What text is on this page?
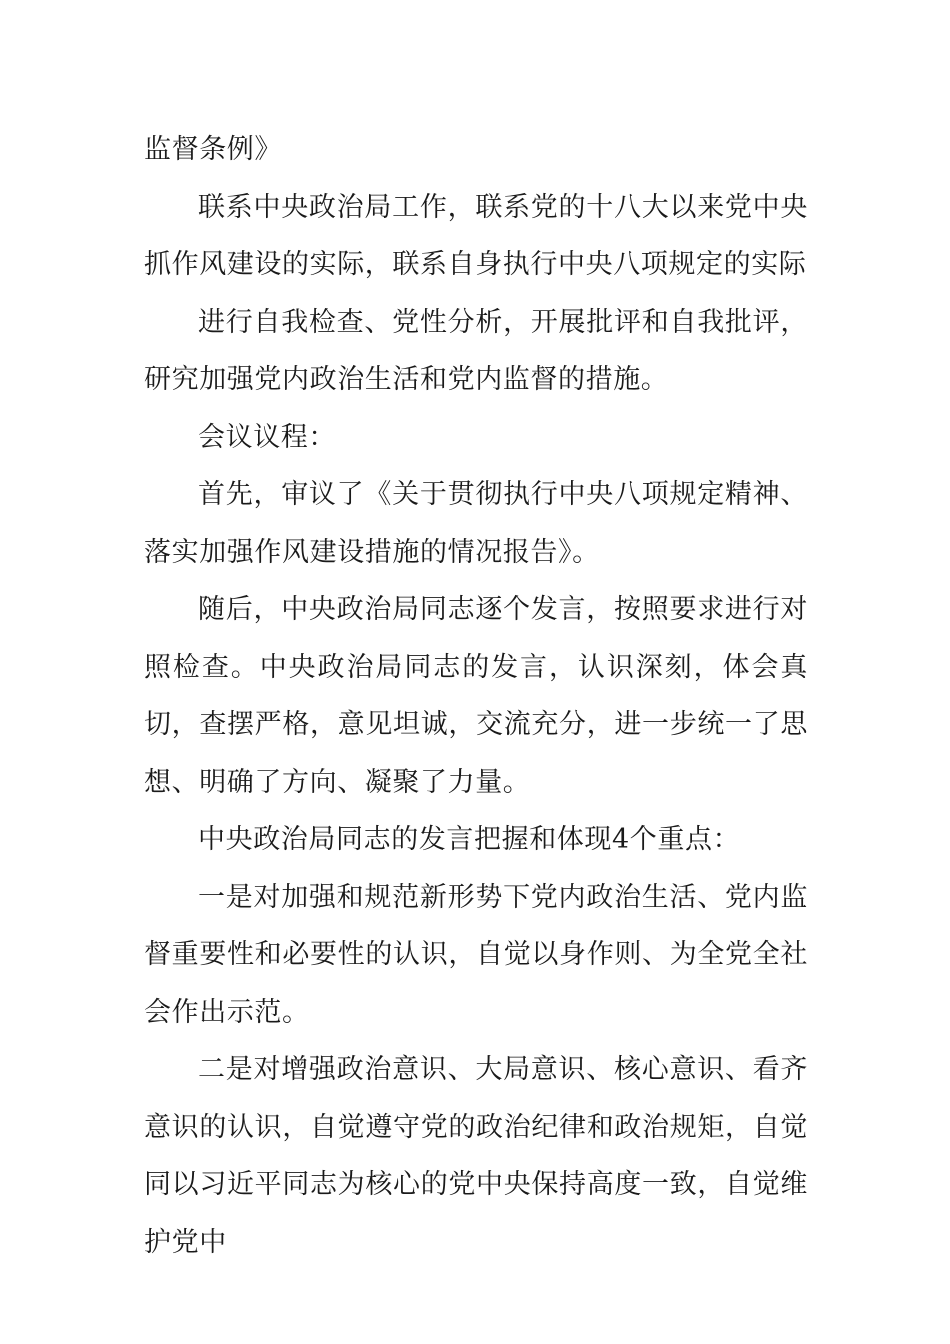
监督条例》

联系中央政治局工作，联系党的十八大以来党中央抓作风建设的实际，联系自身执行中央八项规定的实际

进行自我检查、党性分析，开展批评和自我批评，研究加强党内政治生活和党内监督的措施。

会议议程：

首先，审议了《关于贯彻执行中央八项规定精神、落实加强作风建设措施的情况报告》。

随后，中央政治局同志逐个发言，按照要求进行对照检查。中央政治局同志的发言，认识深刻，体会真切，查摆严格，意见坦诚，交流充分，进一步统一了思想、明确了方向、凝聚了力量。

中央政治局同志的发言把握和体现4个重点：

一是对加强和规范新形势下党内政治生活、党内监督重要性和必要性的认识，自觉以身作则、为全党全社会作出示范。

二是对增强政治意识、大局意识、核心意识、看齐意识的认识，自觉遵守党的政治纪律和政治规矩，自觉同以习近平同志为核心的党中央保持高度一致，自觉维护党中
